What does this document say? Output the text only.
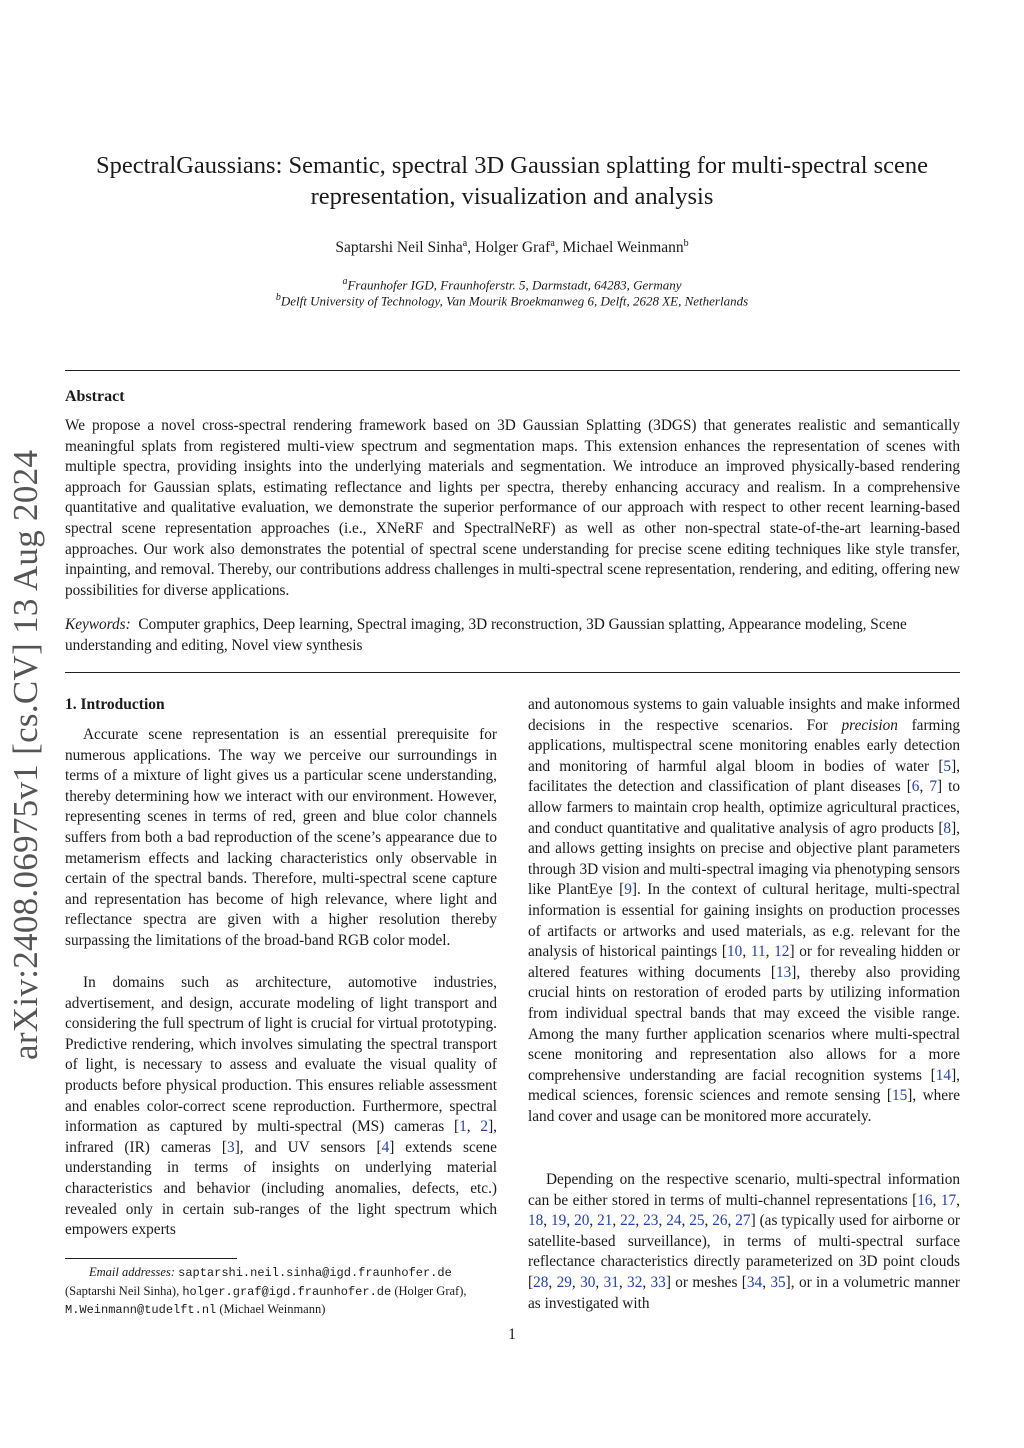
arXiv:2408.06975v1 [cs.CV] 13 Aug 2024
SpectralGaussians: Semantic, spectral 3D Gaussian splatting for multi-spectral scene representation, visualization and analysis
Saptarshi Neil Sinha$^a$, Holger Graf$^a$, Michael Weinmann$^b$
$^a$Fraunhofer IGD, Fraunhoferstr. 5, Darmstadt, 64283, Germany
$^b$Delft University of Technology, Van Mourik Broekmanweg 6, Delft, 2628 XE, Netherlands
Abstract

We propose a novel cross-spectral rendering framework based on 3D Gaussian Splatting (3DGS) that generates realistic and semantically meaningful splats from registered multi-view spectrum and segmentation maps. This extension enhances the representation of scenes with multiple spectra, providing insights into the underlying materials and segmentation. We introduce an improved physically-based rendering approach for Gaussian splats, estimating reflectance and lights per spectra, thereby enhancing accuracy and realism. In a comprehensive quantitative and qualitative evaluation, we demonstrate the superior performance of our approach with respect to other recent learning-based spectral scene representation approaches (i.e., XNeRF and SpectralNeRF) as well as other non-spectral state-of-the-art learning-based approaches. Our work also demonstrates the potential of spectral scene understanding for precise scene editing techniques like style transfer, inpainting, and removal. Thereby, our contributions address challenges in multi-spectral scene representation, rendering, and editing, offering new possibilities for diverse applications.

Keywords: Computer graphics, Deep learning, Spectral imaging, 3D reconstruction, 3D Gaussian splatting, Appearance modeling, Scene understanding and editing, Novel view synthesis

1. Introduction

Accurate scene representation is an essential prerequisite for numerous applications. The way we perceive our surroundings in terms of a mixture of light gives us a particular scene understanding, thereby determining how we interact with our environment. However, representing scenes in terms of red, green and blue color channels suffers from both a bad reproduction of the scene’s appearance due to metamerism effects and lacking characteristics only observable in certain of the spectral bands. Therefore, multi-spectral scene capture and representation has become of high relevance, where light and reflectance spectra are given with a higher resolution thereby surpassing the limitations of the broad-band RGB color model.

In domains such as architecture, automotive industries, advertisement, and design, accurate modeling of light transport and considering the full spectrum of light is crucial for virtual prototyping. Predictive rendering, which involves simulating the spectral transport of light, is necessary to assess and evaluate the visual quality of products before physical production. This ensures reliable assessment and enables color-correct scene reproduction. Furthermore, spectral information as captured by multi-spectral (MS) cameras [1, 2], infrared (IR) cameras [3], and UV sensors [4] extends scene understanding in terms of insights on underlying material characteristics and behavior (including anomalies, defects, etc.) revealed only in certain sub-ranges of the light spectrum which empowers experts

and autonomous systems to gain valuable insights and make informed decisions in the respective scenarios. For precision farming applications, multispectral scene monitoring enables early detection and monitoring of harmful algal bloom in bodies of water [5], facilitates the detection and classification of plant diseases [6, 7] to allow farmers to maintain crop health, optimize agricultural practices, and conduct quantitative and qualitative analysis of agro products [8], and allows getting insights on precise and objective plant parameters through 3D vision and multi-spectral imaging via phenotyping sensors like PlantEye [9]. In the context of cultural heritage, multi-spectral information is essential for gaining insights on production processes of artifacts or artworks and used materials, as e.g. relevant for the analysis of historical paintings [10, 11, 12] or for revealing hidden or altered features withing documents [13], thereby also providing crucial hints on restoration of eroded parts by utilizing information from individual spectral bands that may exceed the visible range. Among the many further application scenarios where multi-spectral scene monitoring and representation also allows for a more comprehensive understanding are facial recognition systems [14], medical sciences, forensic sciences and remote sensing [15], where land cover and usage can be monitored more accurately.

Depending on the respective scenario, multi-spectral information can be either stored in terms of multi-channel representations [16, 17, 18, 19, 20, 21, 22, 23, 24, 25, 26, 27] (as typically used for airborne or satellite-based surveillance), in terms of multi-spectral surface reflectance characteristics directly parameterized on 3D point clouds [28, 29, 30, 31, 32, 33] or meshes [34, 35], or in a volumetric manner as investigated with

Email addresses: saptarshi.neil.sinha@igd.fraunhofer.de (Saptarshi Neil Sinha), holger.graf@igd.fraunhofer.de (Holger Graf), M.Weinmann@tudelft.nl (Michael Weinmann)

1
